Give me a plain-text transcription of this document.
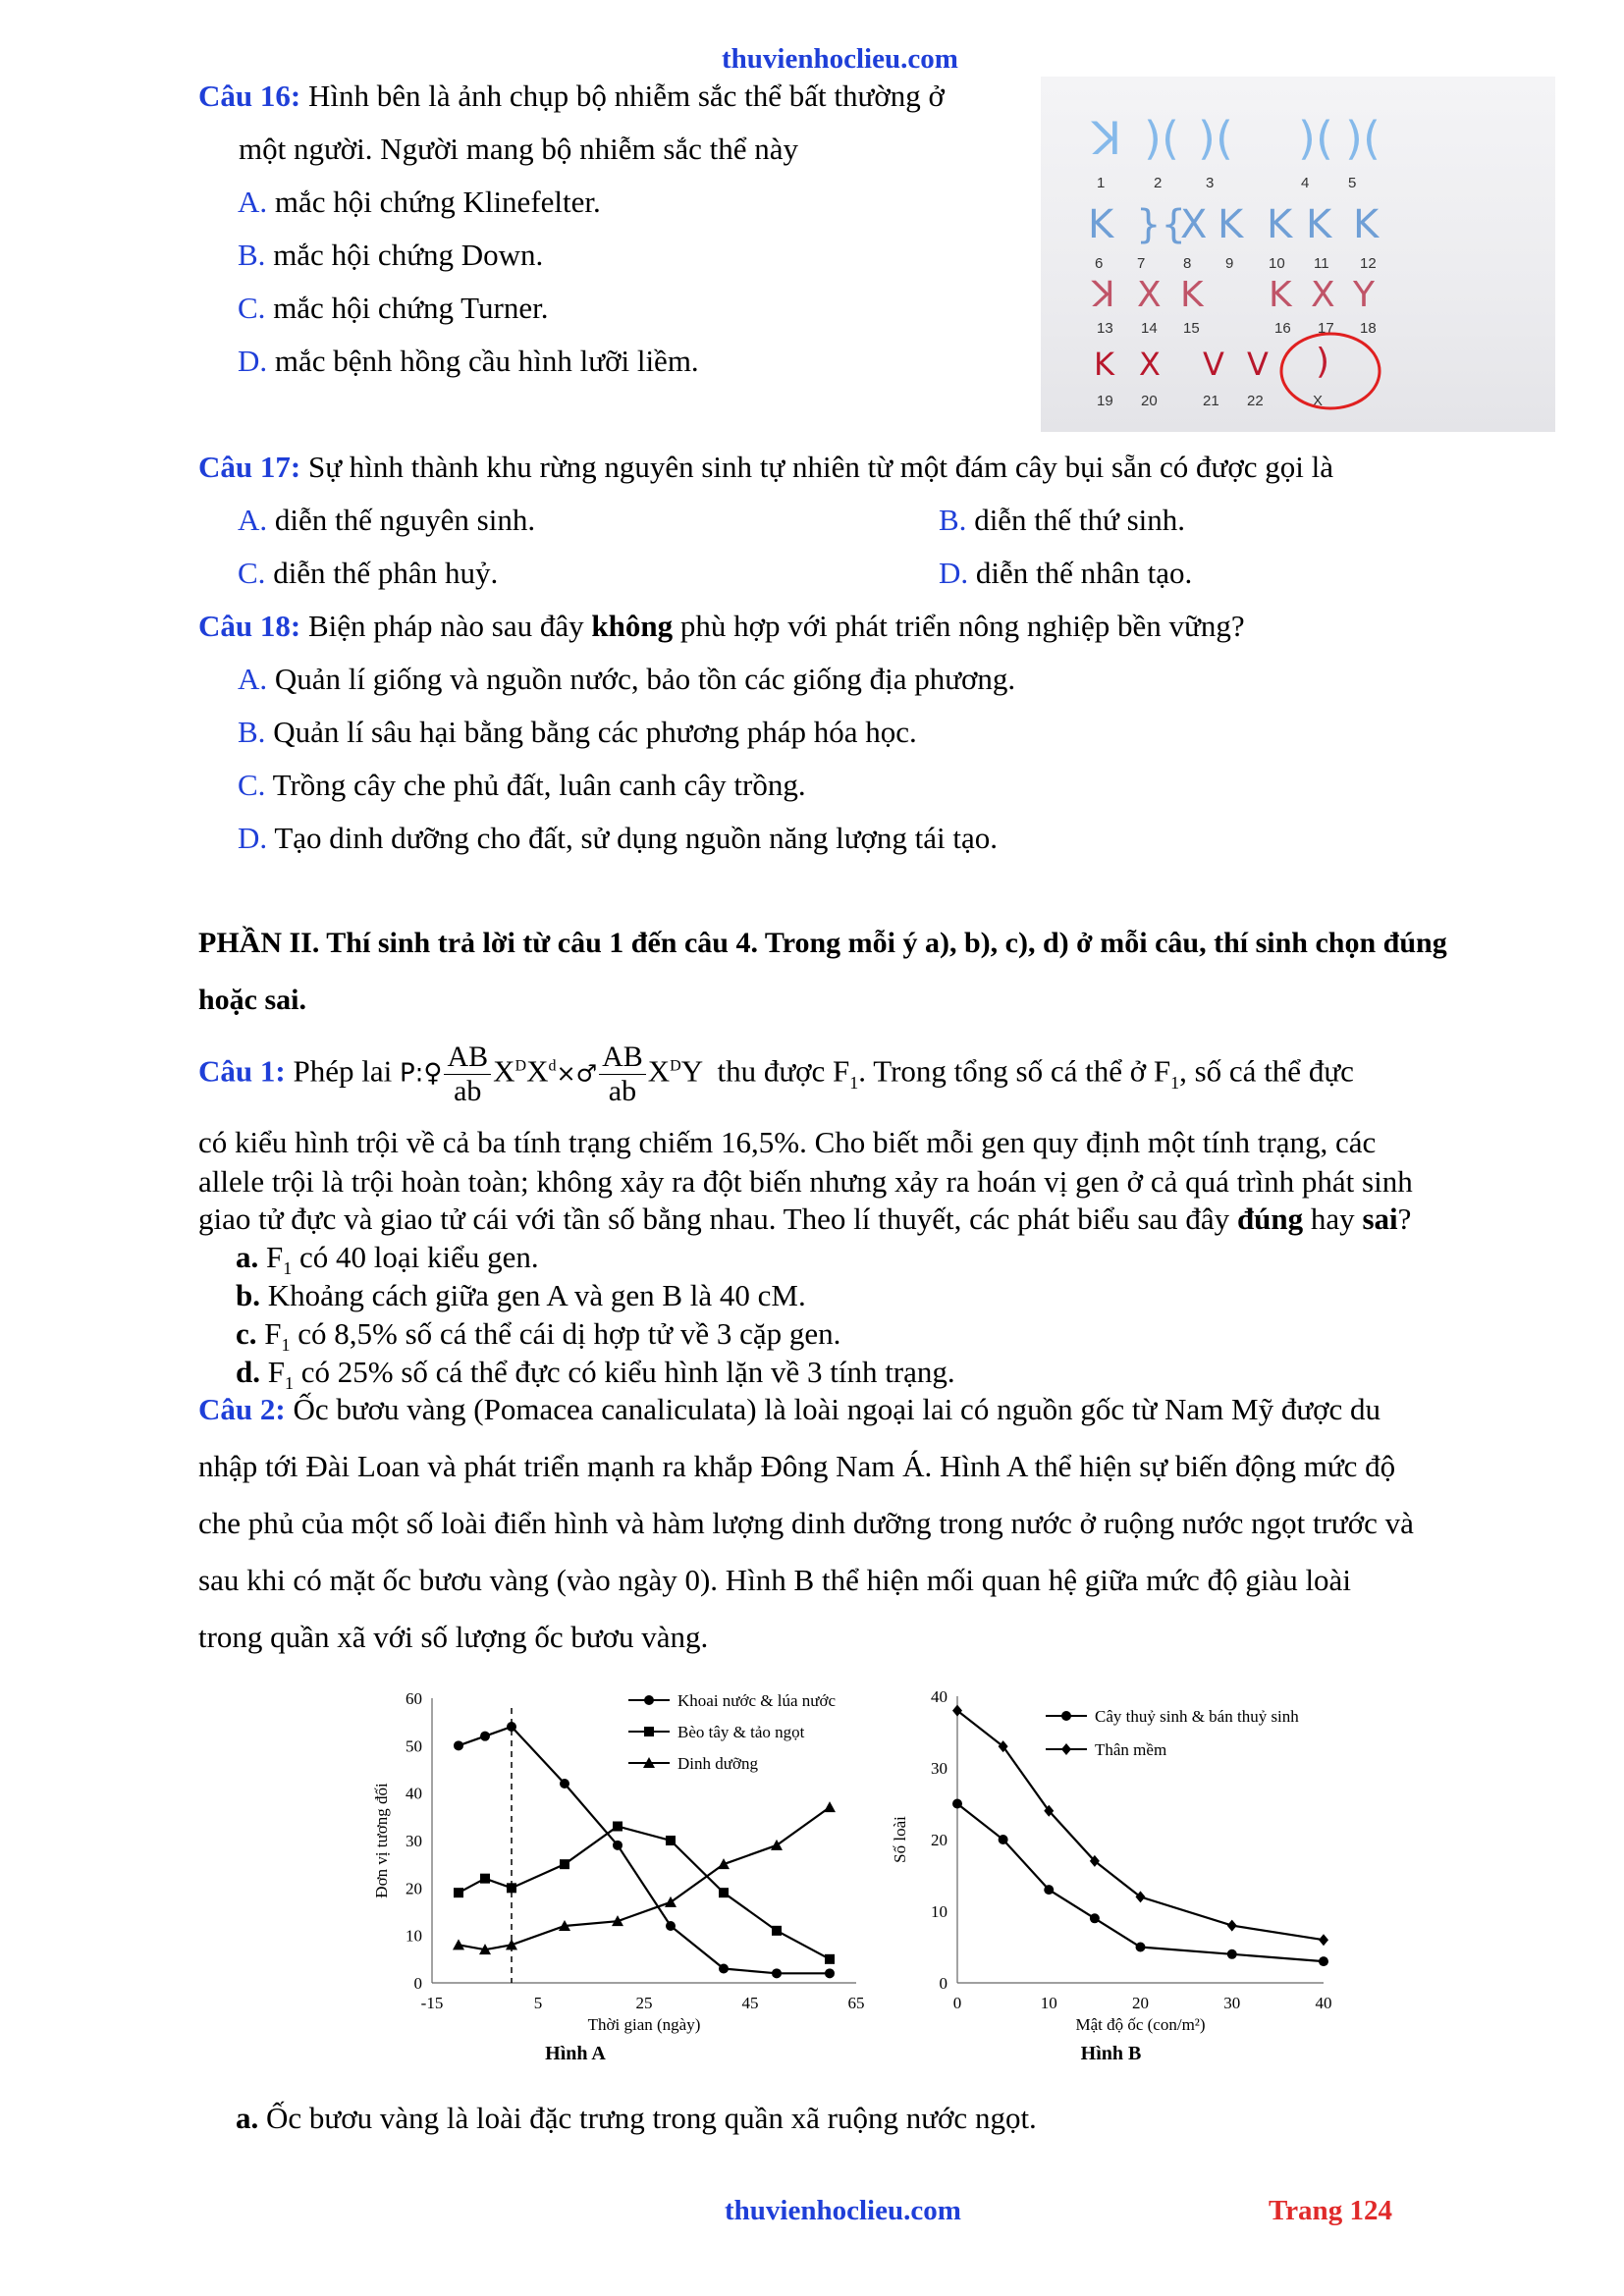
thuvienhoclieu.com
Câu 16: Hình bên là ảnh chụp bộ nhiễm sắc thể bất thường ở
một người. Người mang bộ nhiễm sắc thể này
A. mắc hội chứng Klinefelter.
B. mắc hội chứng Down.
C. mắc hội chứng Turner.
D. mắc bệnh hồng cầu hình lưỡi liềm.
ꓘ )( )( )( )(
1	2	3	4	5
K }{
X K K K K
6 7	8 9 10 11 12
ꓘ X K K X Y
13 14 15	16 17 18
K X V V )
19 20	21 22	X
Câu 17: Sự hình thành khu rừng nguyên sinh tự nhiên từ một đám cây bụi sẵn có được gọi là
A. diễn thế nguyên sinh.	B. diễn thế thứ sinh.
C. diễn thế phân huỷ.	D. diễn thế nhân tạo.
Câu 18: Biện pháp nào sau đây không phù hợp với phát triển nông nghiệp bền vững?
A. Quản lí giống và nguồn nước, bảo tồn các giống địa phương.
B. Quản lí sâu hại bằng bằng các phương pháp hóa học.
C. Trồng cây che phủ đất, luân canh cây trồng.
D. Tạo dinh dưỡng cho đất, sử dụng nguồn năng lượng tái tạo.
PHẦN II. Thí sinh trả lời từ câu 1 đến câu 4. Trong mỗi ý a), b), c), d) ở mỗi câu, thí sinh chọn đúng
hoặc sai.
Câu 1: Phép lai P:♀ $\frac{AB}{ab}$ $X^DX^d\times♂ \frac{AB}{ab} X^DY$ thu được $F_1$. Trong tổng số cá thể ở $F_1$, số cá thể đực
có kiểu hình trội về cả ba tính trạng chiếm 16,5%. Cho biết mỗi gen quy định một tính trạng, các
allele trội là trội hoàn toàn; không xảy ra đột biến nhưng xảy ra hoán vị gen ở cả quá trình phát sinh
giao tử đực và giao tử cái với tần số bằng nhau. Theo lí thuyết, các phát biểu sau đây đúng hay sai?
a. $F_1$ có 40 loại kiểu gen.
b. Khoảng cách giữa gen A và gen B là 40 cM.
c. $F_1$ có 8,5% số cá thể cái dị hợp tử về 3 cặp gen.
d. $F_1$ có 25% số cá thể đực có kiểu hình lặn về 3 tính trạng.
Câu 2: Ốc bươu vàng (Pomacea canaliculata) là loài ngoại lai có nguồn gốc từ Nam Mỹ được du
nhập tới Đài Loan và phát triển mạnh ra khắp Đông Nam Á. Hình A thể hiện sự biến động mức độ
che phủ của một số loài điển hình và hàm lượng dinh dưỡng trong nước ở ruộng nước ngọt trước và
sau khi có mặt ốc bươu vàng (vào ngày 0). Hình B thể hiện mối quan hệ giữa mức độ giàu loài
trong quần xã với số lượng ốc bươu vàng.
0
10
20
30
40
50
60
-15	5	25	45	65
Thời gian (ngày)
Đơn vị tương đối
Hình A
Khoai nước & lúa nước
Bèo tây & tảo ngọt
Dinh dưỡng
0
10
20
30
40
0	10	20	30	40
Mật độ ốc (con/m²)
Số loài
Hình B
Cây thuỷ sinh & bán thuỷ sinh
Thân mềm
a. Ốc bươu vàng là loài đặc trưng trong quần xã ruộng nước ngọt.
thuvienhoclieu.com	Trang 124
